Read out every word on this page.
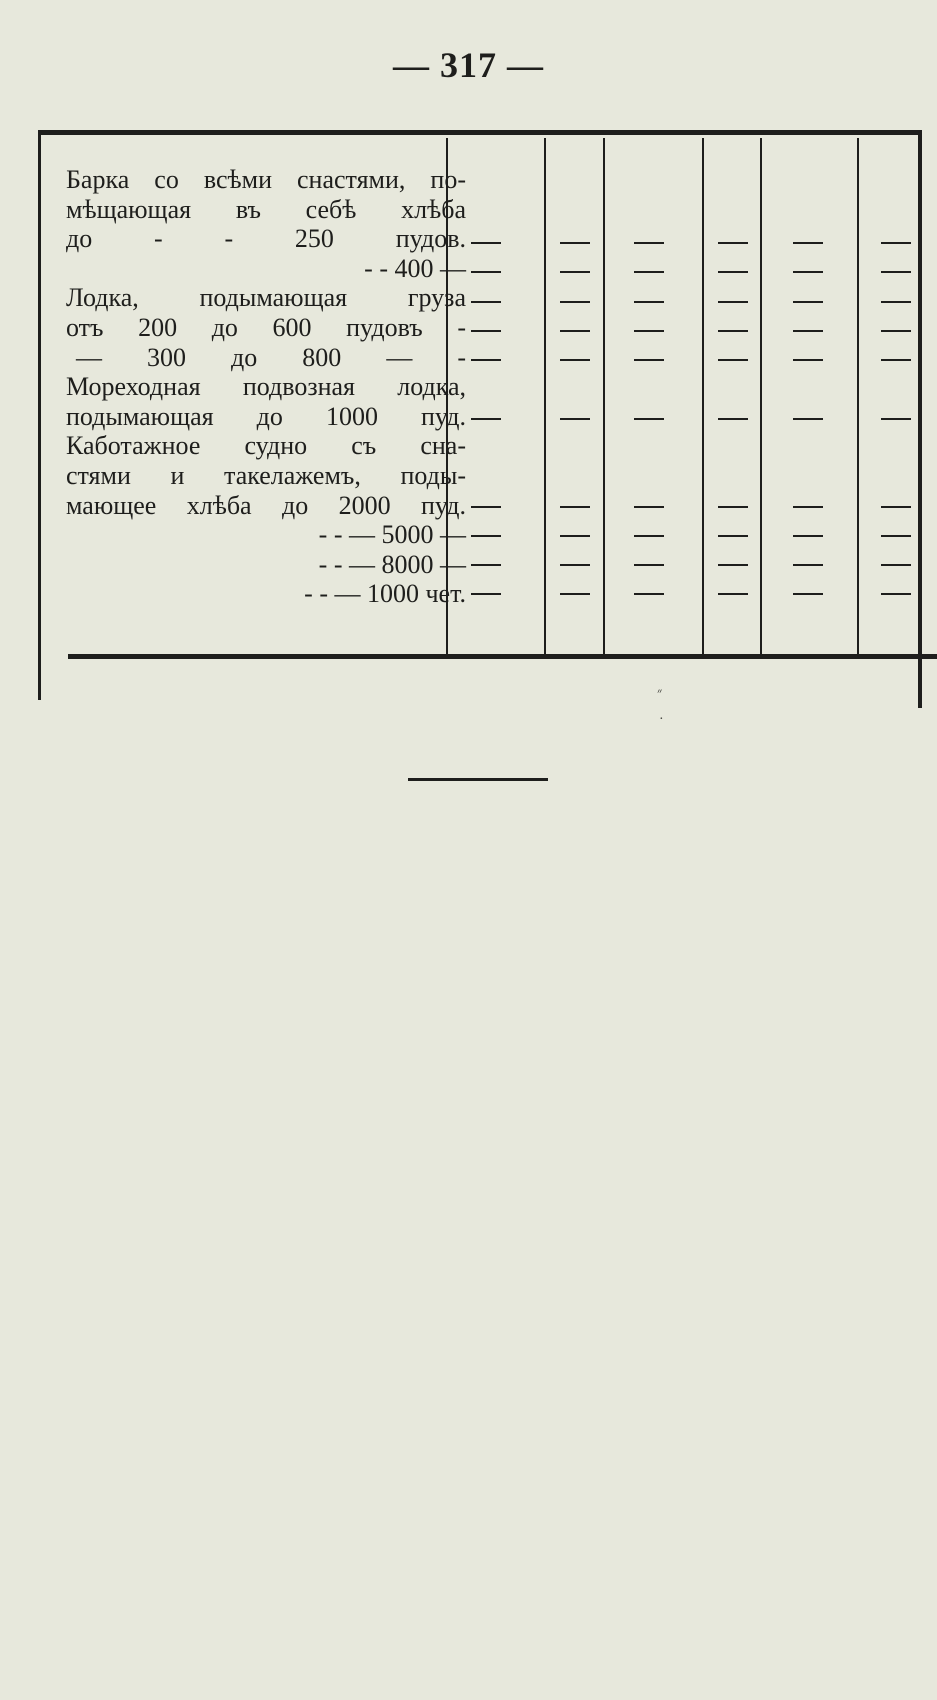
— 317 —
Барка со всѣми снастями, по-
мѣщающая въ себѣ хлѣба
до - - 250 пудов.
- - 400 —
Лодка, подымающая груза
отъ 200 до 600 пудовъ -
— 300 до 800 — -
Мореходная подвозная лодка,
подымающая до 1000 пуд.
Каботажное судно съ сна-
стями и такелажемъ, поды-
мающее хлѣба до 2000 пуд.
- - — 5000 —
- - — 8000 —
- - — 1000 чет.
״
·
